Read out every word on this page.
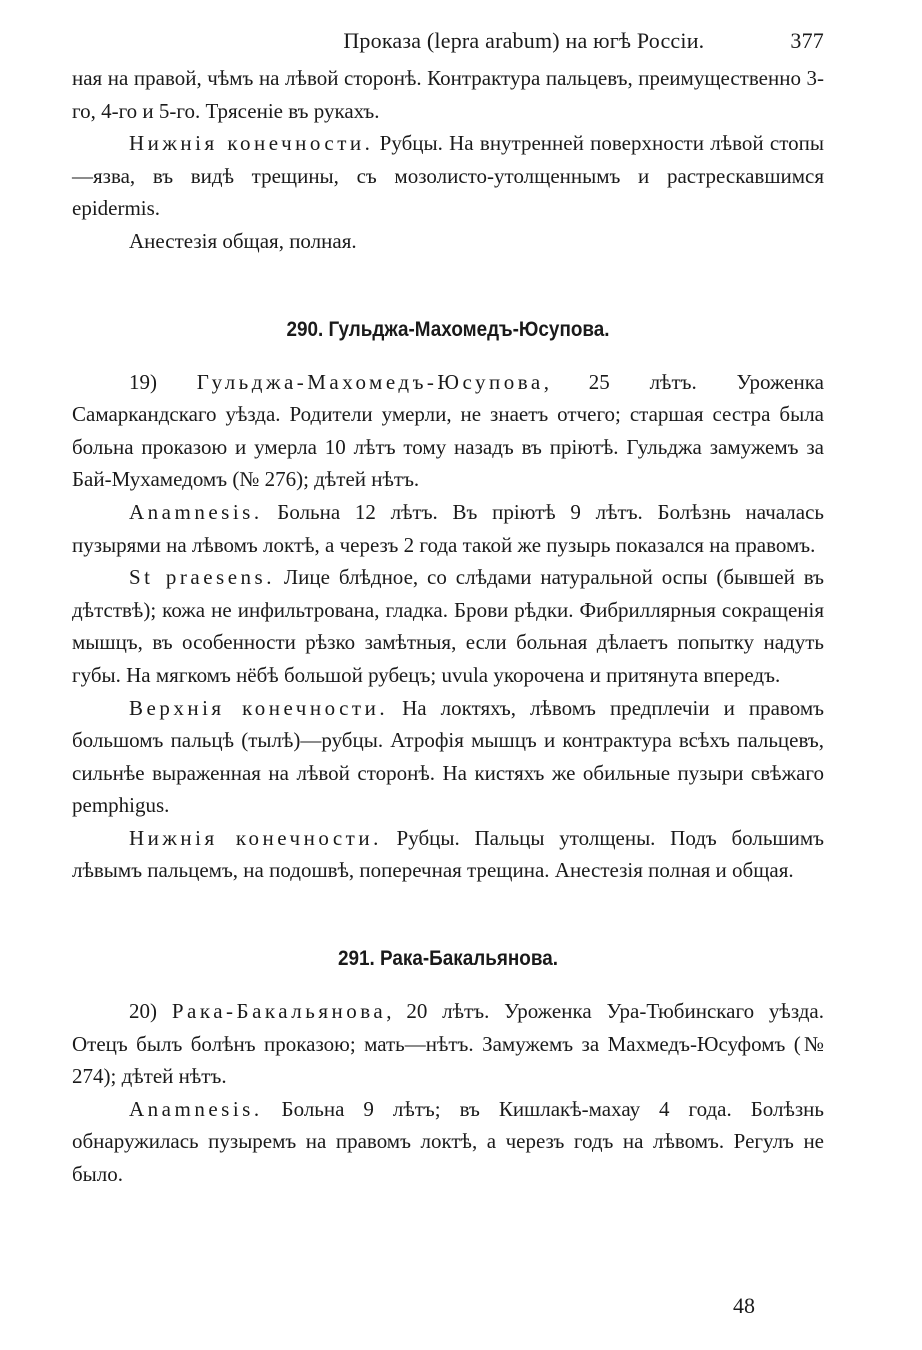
Проказа (lepra arabum) на югѣ Россіи.	377

ная на правой, чѣмъ на лѣвой сторонѣ. Контрактура пальцевъ, преимущественно 3-го, 4-го и 5-го. Трясеніе въ рукахъ.

Нижнія конечности. Рубцы. На внутренней поверхности лѣвой стопы—язва, въ видѣ трещины, съ мозолисто-утолщеннымъ и растрескавшимся epidermis.

Анестезія общая, полная.

290. Гульджа-Махомедъ-Юсупова.

19) Гульджа-Махомедъ-Юсупова, 25 лѣтъ. Уроженка Самаркандскаго уѣзда. Родители умерли, не знаетъ отчего; старшая сестра была больна проказою и умерла 10 лѣтъ тому назадъ въ пріютѣ. Гульджа замужемъ за Бай-Мухамедомъ (№ 276); дѣтей нѣтъ.

Anamnesis. Больна 12 лѣтъ. Въ пріютѣ 9 лѣтъ. Болѣзнь началась пузырями на лѣвомъ локтѣ, а черезъ 2 года такой же пузырь показался на правомъ.

St praesens. Лице блѣдное, со слѣдами натуральной оспы (бывшей въ дѣтствѣ); кожа не инфильтрована, гладка. Брови рѣдки. Фибриллярныя сокращенія мышцъ, въ особенности рѣзко замѣтныя, если больная дѣлаетъ попытку надуть губы. На мягкомъ нёбѣ большой рубецъ; uvula укорочена и притянута впередъ.

Верхнія конечности. На локтяхъ, лѣвомъ предплечіи и правомъ большомъ пальцѣ (тылѣ)—рубцы. Атрофія мышцъ и контрактура всѣхъ пальцевъ, сильнѣе выраженная на лѣвой сторонѣ. На кистяхъ же обильные пузыри свѣжаго pemphigus.

Нижнія конечности. Рубцы. Пальцы утолщены. Подъ большимъ лѣвымъ пальцемъ, на подошвѣ, поперечная трещина. Анестезія полная и общая.

291. Рака-Бакальянова.

20) Рака-Бакальянова, 20 лѣтъ. Уроженка Ура-Тюбинскаго уѣзда. Отецъ былъ болѣнъ проказою; мать—нѣтъ. Замужемъ за Махмедъ-Юсуфомъ (№ 274); дѣтей нѣтъ.

Anamnesis. Больна 9 лѣтъ; въ Кишлакѣ-махау 4 года. Болѣзнь обнаружилась пузыремъ на правомъ локтѣ, а черезъ годъ на лѣвомъ. Регулъ не было.

48
